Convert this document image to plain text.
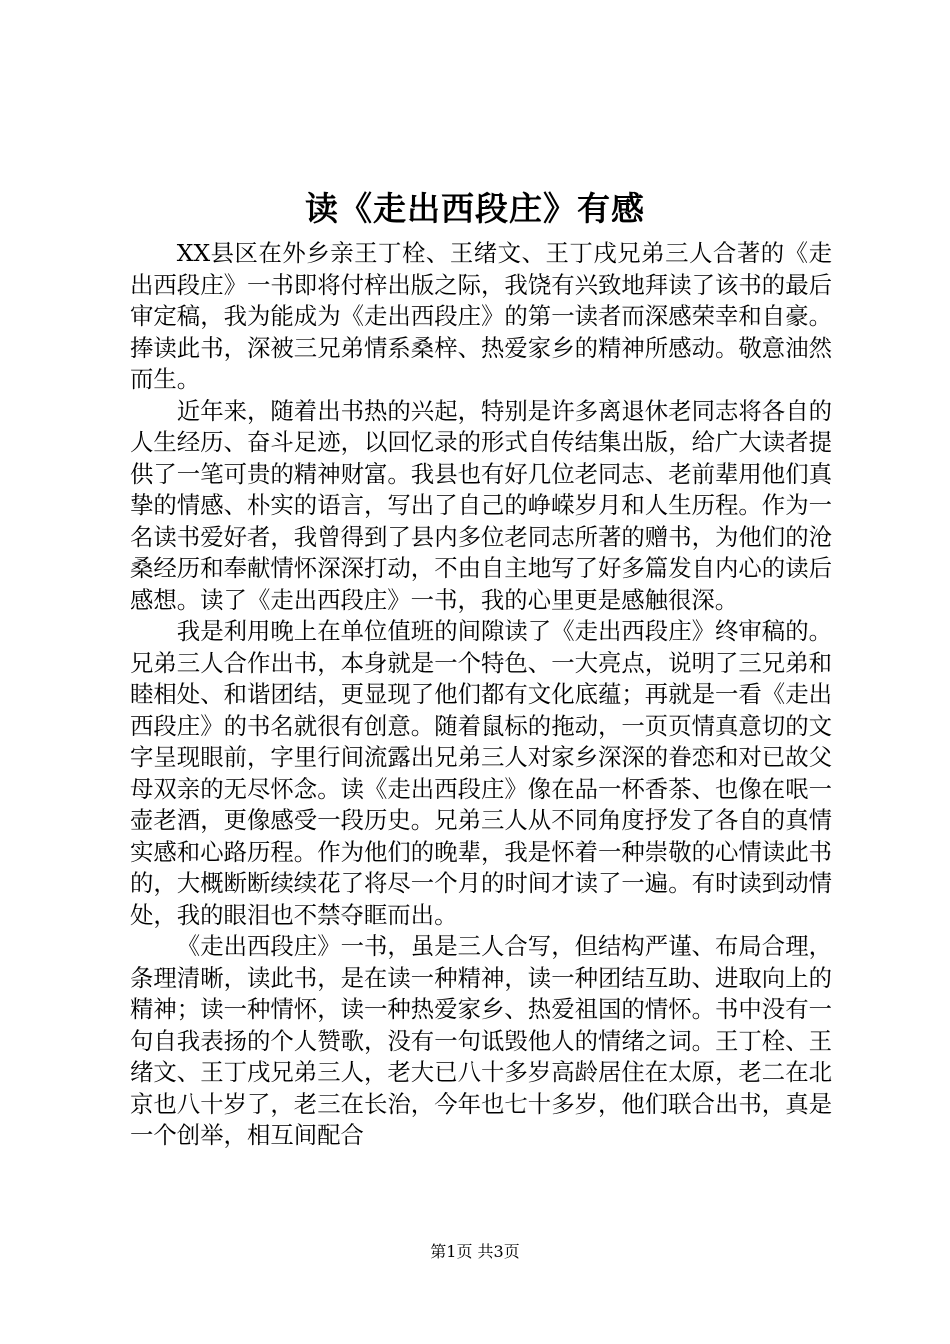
读《走出西段庄》有感

XX县区在外乡亲王丁栓、王绪文、王丁戌兄弟三人合著的《走出西段庄》一书即将付梓出版之际，我饶有兴致地拜读了该书的最后审定稿，我为能成为《走出西段庄》的第一读者而深感荣幸和自豪。捧读此书，深被三兄弟情系桑梓、热爱家乡的精神所感动。敬意油然而生。

近年来，随着出书热的兴起，特别是许多离退休老同志将各自的人生经历、奋斗足迹，以回忆录的形式自传结集出版，给广大读者提供了一笔可贵的精神财富。我县也有好几位老同志、老前辈用他们真挚的情感、朴实的语言，写出了自己的峥嵘岁月和人生历程。作为一名读书爱好者，我曾得到了县内多位老同志所著的赠书，为他们的沧桑经历和奉献情怀深深打动，不由自主地写了好多篇发自内心的读后感想。读了《走出西段庄》一书，我的心里更是感触很深。

我是利用晚上在单位值班的间隙读了《走出西段庄》终审稿的。兄弟三人合作出书，本身就是一个特色、一大亮点，说明了三兄弟和睦相处、和谐团结，更显现了他们都有文化底蕴；再就是一看《走出西段庄》的书名就很有创意。随着鼠标的拖动，一页页情真意切的文字呈现眼前，字里行间流露出兄弟三人对家乡深深的眷恋和对已故父母双亲的无尽怀念。读《走出西段庄》像在品一杯香茶、也像在呡一壶老酒，更像感受一段历史。兄弟三人从不同角度抒发了各自的真情实感和心路历程。作为他们的晚辈，我是怀着一种崇敬的心情读此书的，大概断断续续花了将尽一个月的时间才读了一遍。有时读到动情处，我的眼泪也不禁夺眶而出。

《走出西段庄》一书，虽是三人合写，但结构严谨、布局合理，条理清晰，读此书，是在读一种精神，读一种团结互助、进取向上的精神；读一种情怀，读一种热爱家乡、热爱祖国的情怀。书中没有一句自我表扬的个人赞歌，没有一句诋毁他人的情绪之词。王丁栓、王绪文、王丁戌兄弟三人，老大已八十多岁高龄居住在太原，老二在北京也八十岁了，老三在长治，今年也七十多岁，他们联合出书，真是一个创举，相互间配合

第1页 共3页
